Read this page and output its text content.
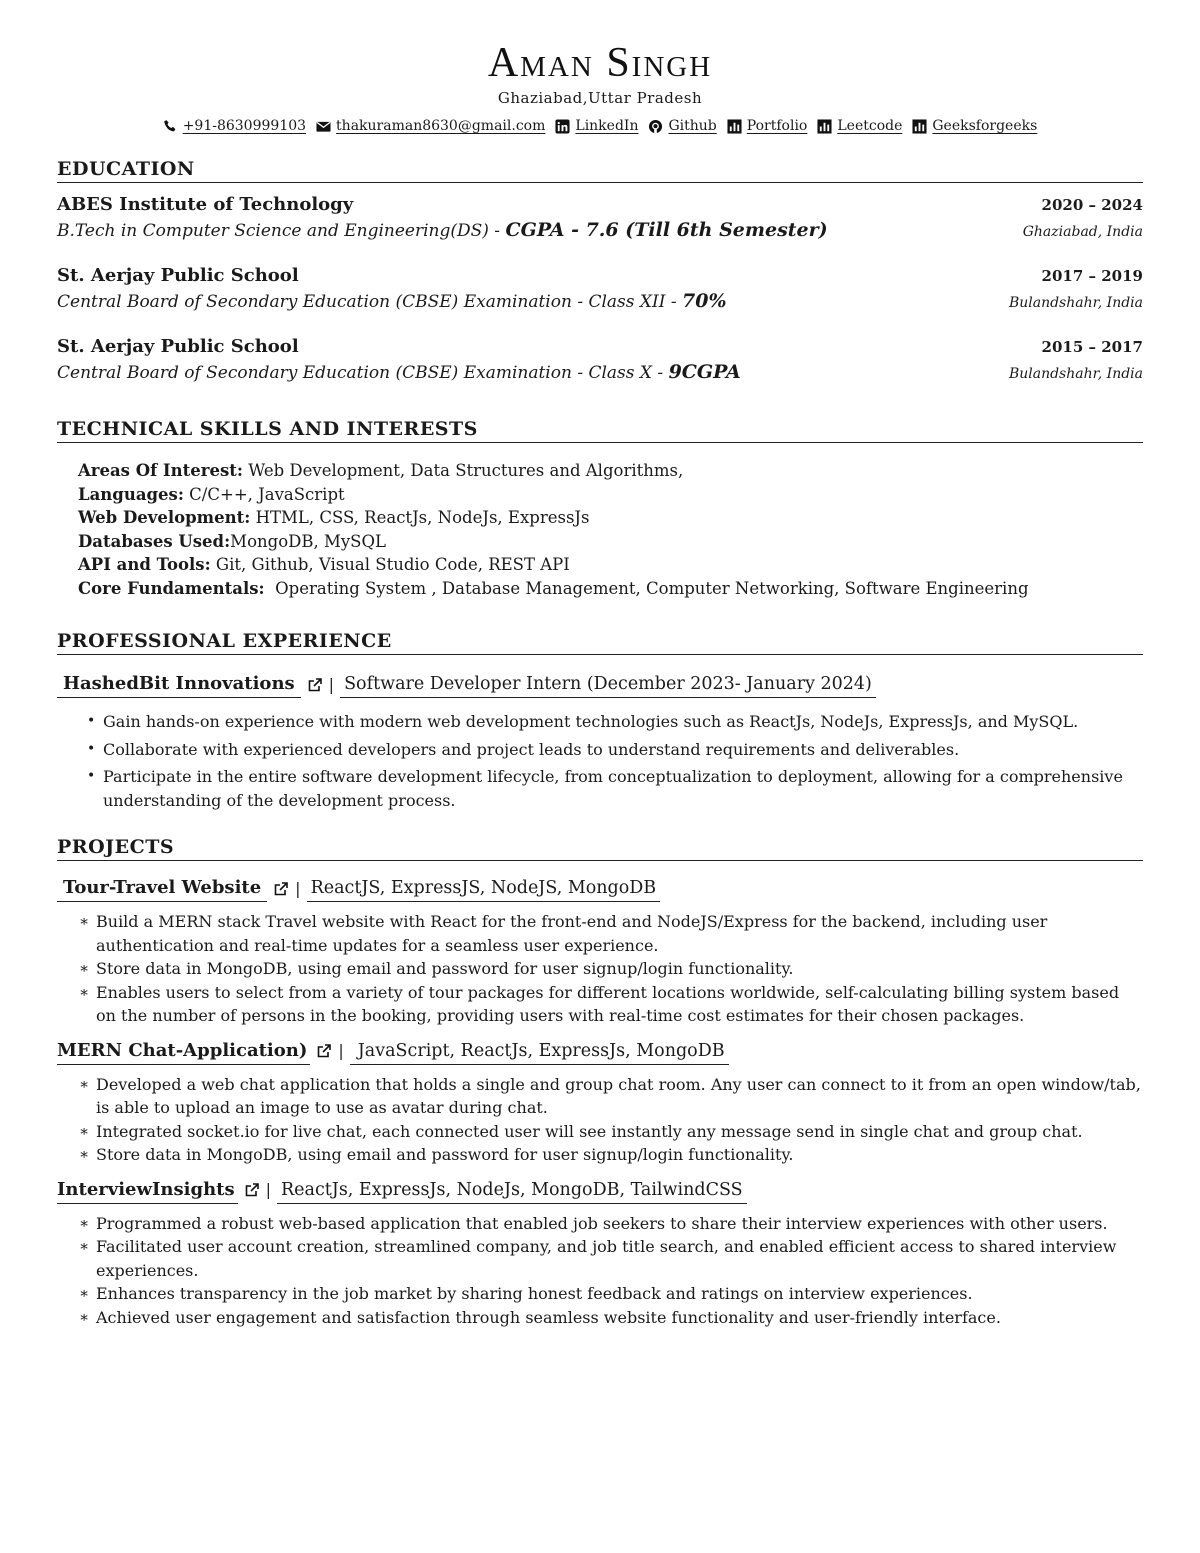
Aman Singh
Ghaziabad,Uttar Pradesh
+91-8630999103 thakuraman8630@gmail.com LinkedIn Github Portfolio Leetcode Geeksforgeeks
EDUCATION
ABES Institute of Technology	2020 – 2024
B.Tech in Computer Science and Engineering(DS) - CGPA - 7.6 (Till 6th Semester)	Ghaziabad, India
St. Aerjay Public School	2017 – 2019
Central Board of Secondary Education (CBSE) Examination - Class XII - 70%	Bulandshahr, India
St. Aerjay Public School	2015 – 2017
Central Board of Secondary Education (CBSE) Examination - Class X - 9CGPA	Bulandshahr, India
TECHNICAL SKILLS AND INTERESTS
Areas Of Interest: Web Development, Data Structures and Algorithms,
Languages: C/C++, JavaScript
Web Development: HTML, CSS, ReactJs, NodeJs, ExpressJs
Databases Used:MongoDB, MySQL
API and Tools: Git, Github, Visual Studio Code, REST API
Core Fundamentals:  Operating System , Database Management, Computer Networking, Software Engineering
PROFESSIONAL EXPERIENCE
HashedBit Innovations	| Software Developer Intern (December 2023- January 2024)
• Gain hands-on experience with modern web development technologies such as ReactJs, NodeJs, ExpressJs, and MySQL.
• Collaborate with experienced developers and project leads to understand requirements and deliverables.
• Participate in the entire software development lifecycle, from conceptualization to deployment, allowing for a comprehensive understanding of the development process.
PROJECTS
Tour-Travel Website	| ReactJS, ExpressJS, NodeJS, MongoDB
∗ Build a MERN stack Travel website with React for the front-end and NodeJS/Express for the backend, including user authentication and real-time updates for a seamless user experience.
∗ Store data in MongoDB, using email and password for user signup/login functionality.
∗ Enables users to select from a variety of tour packages for different locations worldwide, self-calculating billing system based on the number of persons in the booking, providing users with real-time cost estimates for their chosen packages.
MERN Chat-Application) | JavaScript, ReactJs, ExpressJs, MongoDB
∗ Developed a web chat application that holds a single and group chat room. Any user can connect to it from an open window/tab, is able to upload an image to use as avatar during chat.
∗ Integrated socket.io for live chat, each connected user will see instantly any message send in single chat and group chat.
∗ Store data in MongoDB, using email and password for user signup/login functionality.
InterviewInsights | ReactJs, ExpressJs, NodeJs, MongoDB, TailwindCSS
∗ Programmed a robust web-based application that enabled job seekers to share their interview experiences with other users.
∗ Facilitated user account creation, streamlined company, and job title search, and enabled efficient access to shared interview experiences.
∗ Enhances transparency in the job market by sharing honest feedback and ratings on interview experiences.
∗ Achieved user engagement and satisfaction through seamless website functionality and user-friendly interface.
